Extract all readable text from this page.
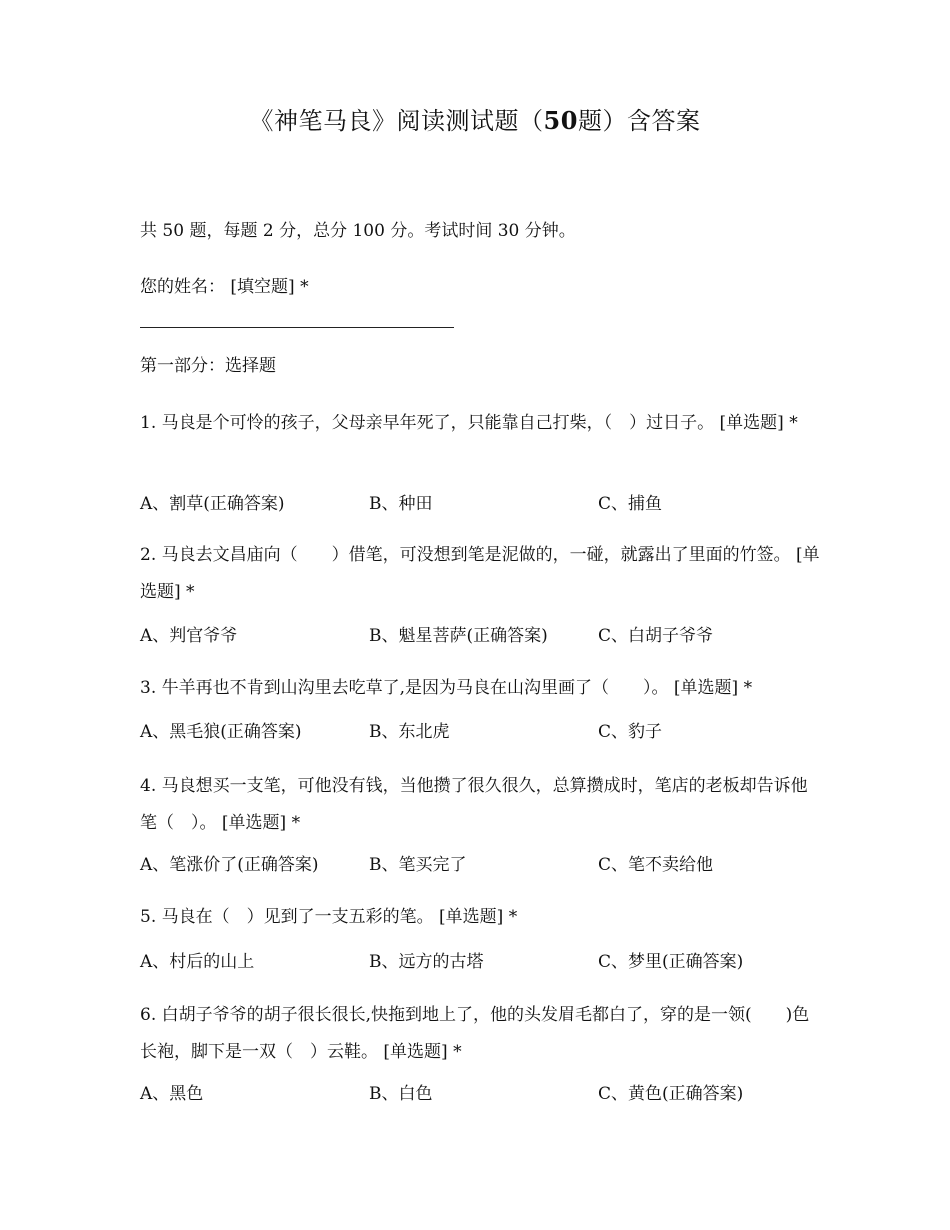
《神笔马良》阅读测试题（50题）含答案
共 50 题，每题 2 分，总分 100 分。考试时间 30 分钟。
您的姓名： [填空题] *
第一部分：选择题
1. 马良是个可怜的孩子，父母亲早年死了，只能靠自己打柴，（　）过日子。 [单选题] *
A、割草(正确答案)	B、种田	C、捕鱼
2. 马良去文昌庙向（　　）借笔，可没想到笔是泥做的，一碰，就露出了里面的竹签。 [单选题] *
A、判官爷爷	B、魁星菩萨(正确答案)	C、白胡子爷爷
3. 牛羊再也不肯到山沟里去吃草了,是因为马良在山沟里画了（　　）。 [单选题] *
A、黑毛狼(正确答案)	B、东北虎	C、豹子
4. 马良想买一支笔，可他没有钱，当他攒了很久很久，总算攒成时，笔店的老板却告诉他笔（　）。 [单选题] *
A、笔涨价了(正确答案)	B、笔买完了	C、笔不卖给他
5. 马良在（　）见到了一支五彩的笔。 [单选题] *
A、村后的山上	B、远方的古塔	C、梦里(正确答案)
6. 白胡子爷爷的胡子很长很长,快拖到地上了，他的头发眉毛都白了，穿的是一领(　　)色长袍，脚下是一双（　）云鞋。 [单选题] *
A、黑色	B、白色	C、黄色(正确答案)
